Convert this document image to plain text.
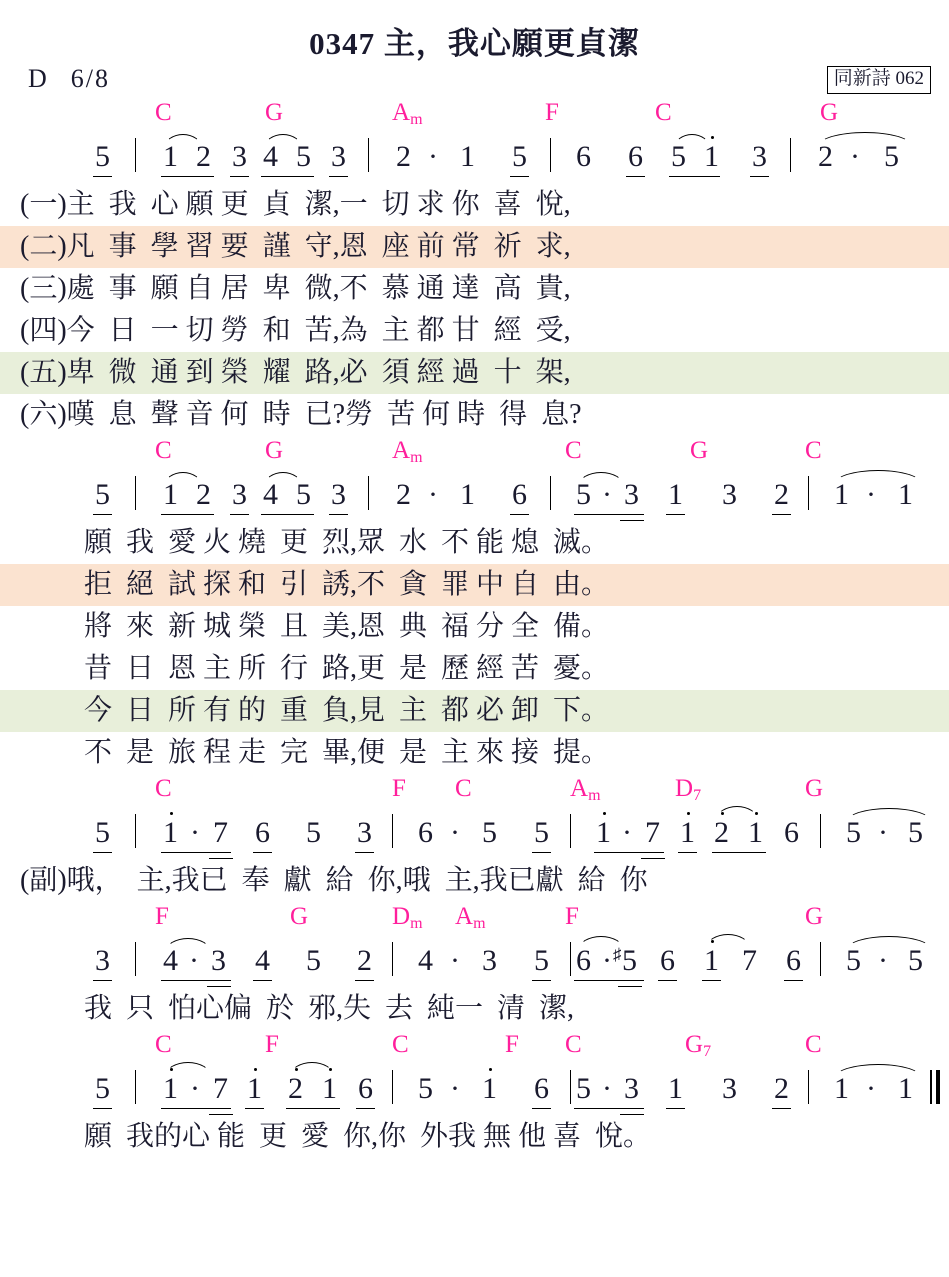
0347 主，我心願更貞潔
D 6/8	同新詩 062
C	G	$A_m$	F	C	G
5 1 2 3 4 5 3 2 · 1 5 6 6 5 1 3 2 · 5
(一)主  我  心 願 更  貞  潔,一  切 求 你  喜  悅,
(二)凡  事  學 習 要  謹  守,恩  座 前 常  祈  求,
(三)處  事  願 自 居  卑  微,不  慕 通 達  高  貴,
(四)今  日  一 切 勞  和  苦,為  主 都 甘  經  受,
(五)卑  微  通 到 榮  耀  路,必  須 經 過  十  架,
(六)嘆  息  聲 音 何  時  已?勞  苦 何 時  得  息?
C	G	$A_m$	C	G	C
5 1 2 3 4 5 3 2 · 1 6 5 · 3 1 3 2 1 · 1
願  我  愛 火 燒  更  烈,眾  水  不 能 熄  滅。
拒  絕  試 探 和  引  誘,不  貪  罪 中 自  由。
將  來  新 城 榮  且  美,恩  典  福 分 全  備。
昔  日  恩 主 所  行  路,更  是  歷 經 苦  憂。
今  日  所 有 的  重  負,見  主  都 必 卸  下。
不  是  旅 程 走  完  畢,便  是  主 來 接  提。
C	F C	$A_m$	$D_7$	G
5 1 · 7 6 5 3 6 · 5 5 1 · 7 1 2 1 6 5 · 5
(副)哦，  主,我已  奉  獻  給  你,哦  主,我已獻  給  你
F	G	$D_m$ $A_m$	F	G
3 4 · 3 4 5 2 4 · 3 5 6 · ♯ 5 6 1 7 6 5 · 5
我  只  怕心偏  於  邪,失  去  純一  清  潔,
C	F	C	F C	$G_7$	C
5 1 · 7 1 2 1 6 5 · 1 6 5 · 3 1 3 2 1 · 1
願  我的心 能  更  愛  你,你  外我 無 他 喜  悅。
